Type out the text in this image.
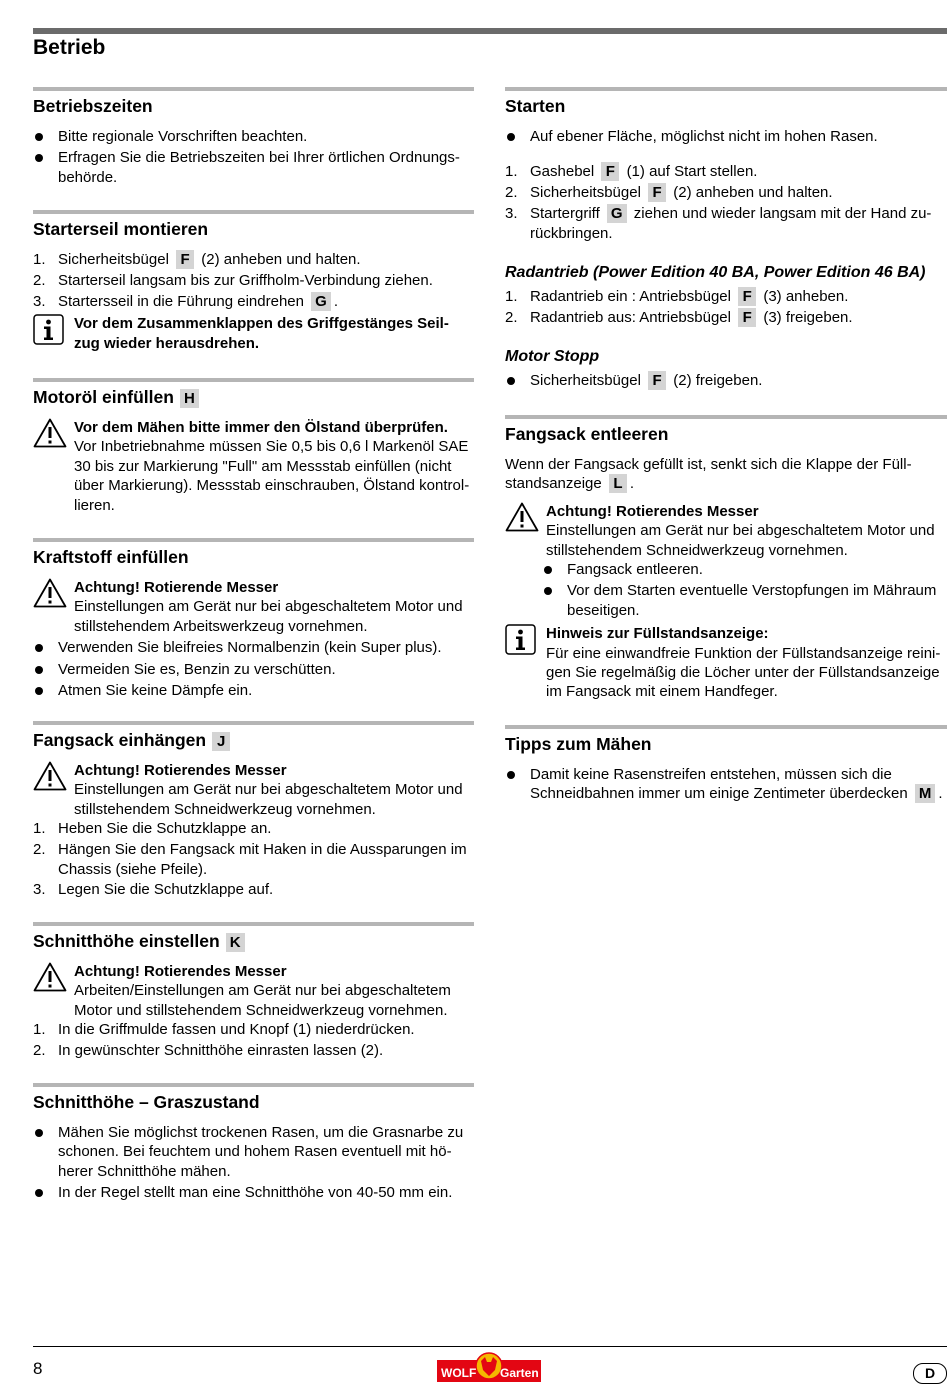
Betrieb
Betriebszeiten
Bitte regionale Vorschriften beachten.
Erfragen Sie die Betriebszeiten bei Ihrer örtlichen Ordnungs-
behörde.
Starterseil montieren
1. Sicherheitsbügel F (2) anheben und halten.
2. Starterseil langsam bis zur Griffholm-Verbindung ziehen.
3. Startersseil in die Führung eindrehen G .
Vor dem Zusammenklappen des Griffgestänges Seil-
zug wieder herausdrehen.
Motoröl einfüllen H
Vor dem Mähen bitte immer den Ölstand überprüfen.

Vor Inbetriebnahme müssen Sie 0,5 bis 0,6 l Markenöl SAE

30 bis zur Markierung "Full" am Messstab einfüllen (nicht

über Markierung). Messstab einschrauben, Ölstand kontrol-

lieren.

Kraftstoff einfüllen
Achtung! Rotierende Messer

Einstellungen am Gerät nur bei abgeschaltetem Motor und

stillstehendem Arbeitswerkzeug vornehmen.

Verwenden Sie bleifreies Normalbenzin (kein Super plus).
Vermeiden Sie es, Benzin zu verschütten.
Atmen Sie keine Dämpfe ein.
Fangsack einhängen J
Achtung! Rotierendes Messer

Einstellungen am Gerät nur bei abgeschaltetem Motor und

stillstehendem Schneidwerkzeug vornehmen.

1. Heben Sie die Schutzklappe an.
2. Hängen Sie den Fangsack mit Haken in die Aussparungen im
Chassis (siehe Pfeile).
3. Legen Sie die Schutzklappe auf.
Schnitthöhe einstellen K
Achtung! Rotierendes Messer

Arbeiten/Einstellungen am Gerät nur bei abgeschaltetem

Motor und stillstehendem Schneidwerkzeug vornehmen.

1. In die Griffmulde fassen und Knopf (1) niederdrücken.
2. In gewünschter Schnitthöhe einrasten lassen (2).
Schnitthöhe – Graszustand
Mähen Sie möglichst trockenen Rasen, um die Grasnarbe zu
schonen. Bei feuchtem und hohem Rasen eventuell mit hö-
herer Schnitthöhe mähen.
In der Regel stellt man eine Schnitthöhe von 40-50 mm ein.
Starten
Auf ebener Fläche, möglichst nicht im hohen Rasen.
1. Gashebel F (1) auf Start stellen.
2. Sicherheitsbügel F (2) anheben und halten.
3. Startergriff G ziehen und wieder langsam mit der Hand zu-
rückbringen.
Radantrieb (Power Edition 40 BA, Power Edition 46 BA)
1. Radantrieb ein : Antriebsbügel F (3) anheben.
2. Radantrieb aus: Antriebsbügel F (3) freigeben.
Motor Stopp
Sicherheitsbügel F (2) freigeben.
Fangsack entleeren

Wenn der Fangsack gefüllt ist, senkt sich die Klappe der Füll-

standsanzeige L .

Achtung! Rotierendes Messer

Einstellungen am Gerät nur bei abgeschaltetem Motor und

stillstehendem Schneidwerkzeug vornehmen.

Fangsack entleeren.
Vor dem Starten eventuelle Verstopfungen im Mähraum
beseitigen.
Hinweis zur Füllstandsanzeige:

Für eine einwandfreie Funktion der Füllstandsanzeige reini-

gen Sie regelmäßig die Löcher unter der Füllstandsanzeige

im Fangsack mit einem Handfeger.

Tipps zum Mähen
Damit keine Rasenstreifen entstehen, müssen sich die
Schneidbahnen immer um einige Zentimeter überdecken M .
8	WOLF Garten	D
